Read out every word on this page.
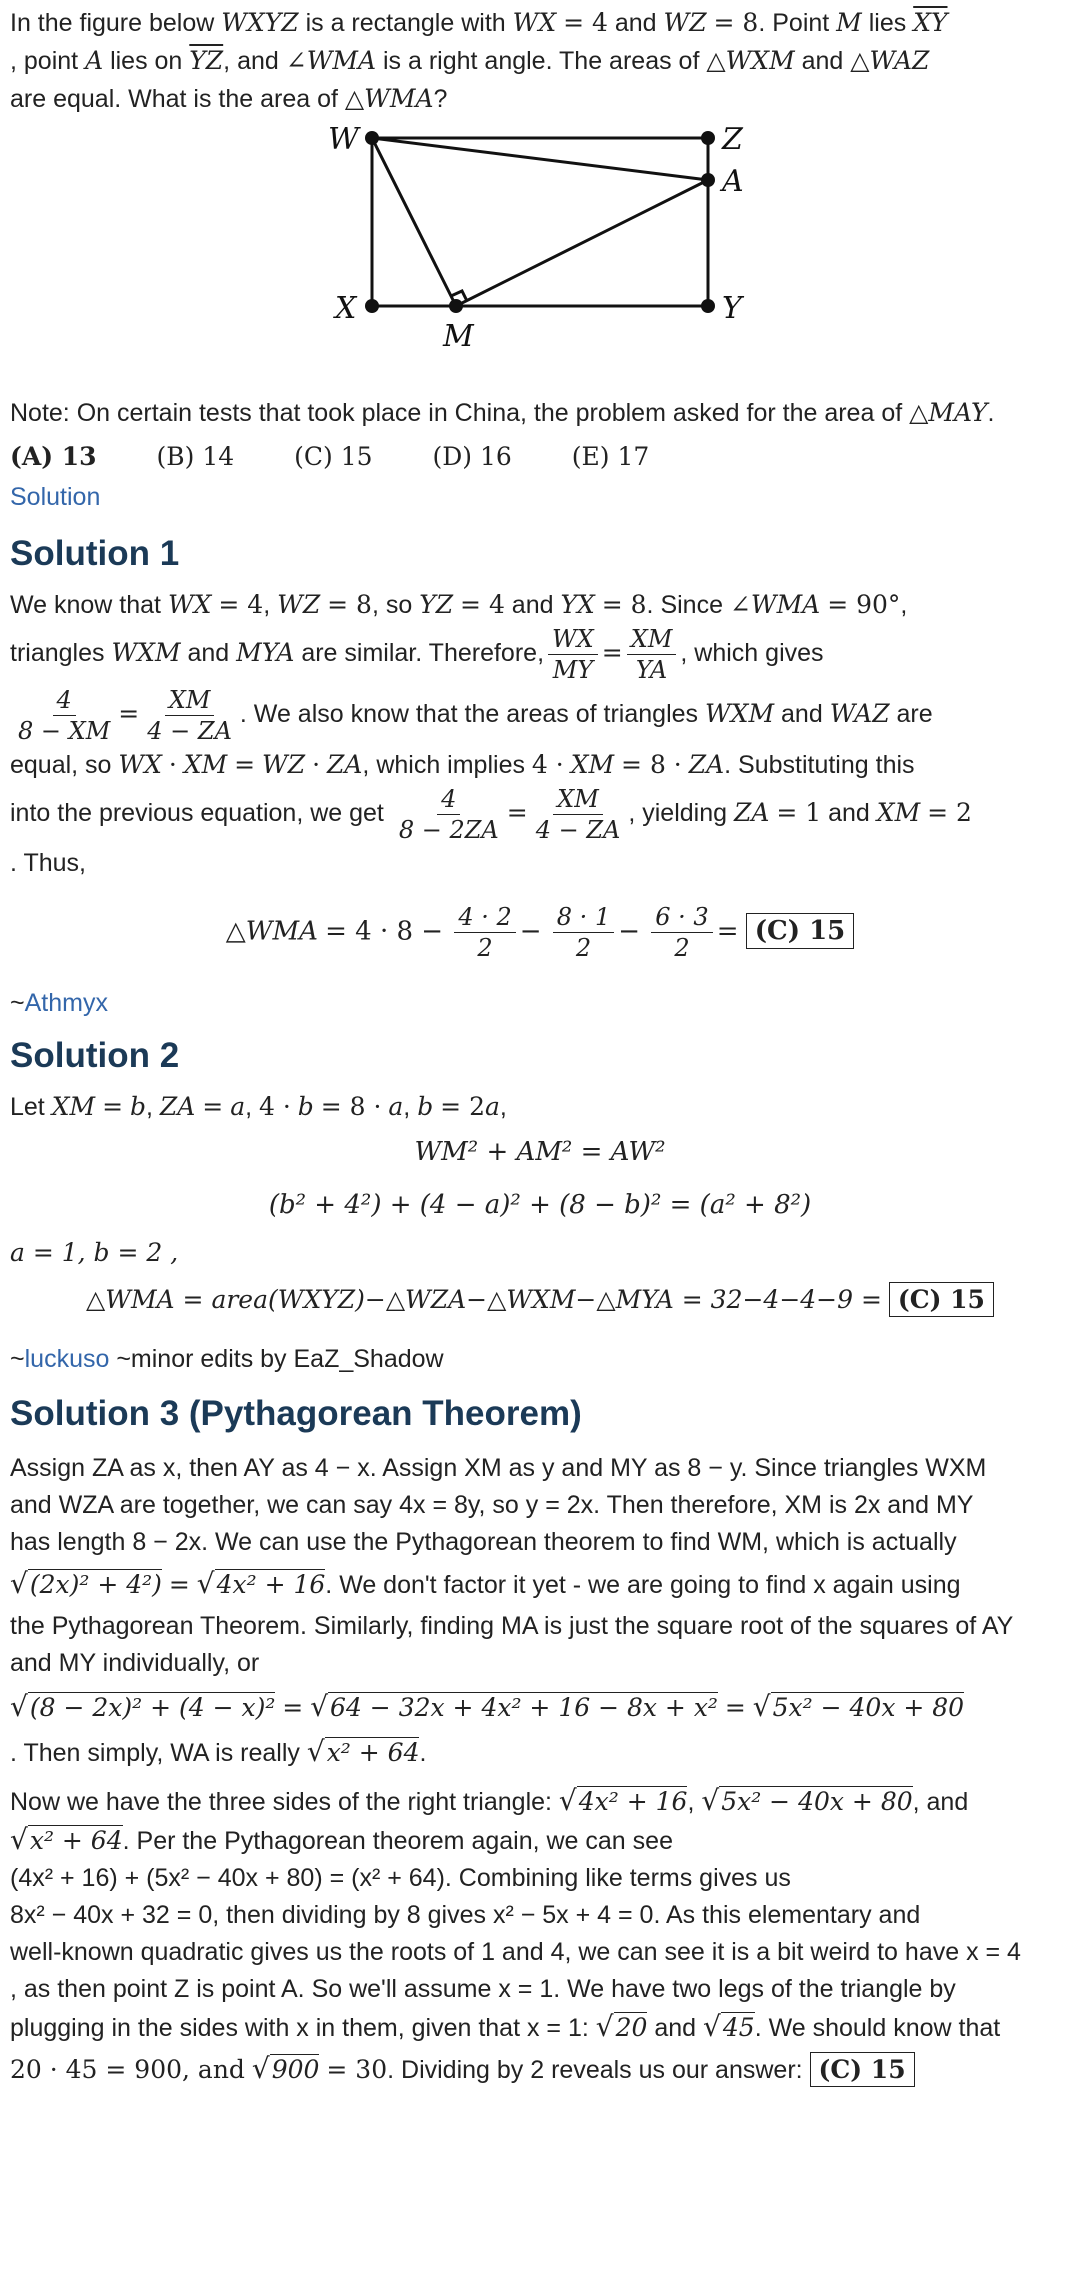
In the figure below WXYZ is a rectangle with WX = 4 and WZ = 8. Point M lies $\overline{XY}$

, point A lies on $\overline{YZ}$, and ∠WMA is a right angle. The areas of △WXM and △WAZ

are equal. What is the area of △WMA?

W	Z
A
X
M
Y

Note: On certain tests that took place in China, the problem asked for the area of △MAY.

(A) 13 (B) 14 (C) 15 (D) 16 (E) 17

Solution

Solution 1

We know that WX = 4, WZ = 8, so YZ = 4 and YX = 8. Since ∠WMA = 90°,

triangles WXM and MYA are similar. Therefore, $\frac{WX}{MY} = \frac{XM}{YA}$ , which gives

$\frac{4}{8 - XM} = \frac{XM}{4 - ZA}$ . We also know that the areas of triangles WXM and WAZ are

equal, so WX · XM = WZ · ZA, which implies 4 · XM = 8 · ZA. Substituting this

into the previous equation, we get $\frac{4}{8 - 2ZA} = \frac{XM}{4 - ZA}$ , yielding ZA = 1 and XM = 2

. Thus,

△WMA = $4 \cdot 8 - \frac{4 \cdot 2}{2} - \frac{8 \cdot 1}{2} - \frac{6 \cdot 3}{2} = (C)$ 15

~Athmyx

Solution 2

Let XM = b, ZA = a, 4 · b = 8 · a, b = 2a,

WM² + AM² = AW²

(b² + 4²) + (4 − a)² + (8 − b)² = (a² + 8²)

a = 1, b = 2 ,

△WMA = area(WXYZ)−△WZA−△WXM−△MYA = 32−4−4−9 = (C) 15

~luckuso ~minor edits by EaZ_Shadow

Solution 3 (Pythagorean Theorem)

Assign ZA as x, then AY as 4 − x. Assign XM as y and MY as 8 − y. Since triangles WXM

and WZA are together, we can say 4x = 8y, so y = 2x. Then therefore, XM is 2x and MY

has length 8 − 2x. We can use the Pythagorean theorem to find WM, which is actually

√(2x)² + 4²) = √4x² + 16. We don't factor it yet - we are going to find x again using

the Pythagorean Theorem. Similarly, finding MA is just the square root of the squares of AY

and MY individually, or

√(8 − 2x)² + (4 − x)² = √64 − 32x + 4x² + 16 − 8x + x² = √5x² − 40x + 80

. Then simply, WA is really √x² + 64.

Now we have the three sides of the right triangle: √4x² + 16, √5x² − 40x + 80, and

√x² + 64. Per the Pythagorean theorem again, we can see

(4x² + 16) + (5x² − 40x + 80) = (x² + 64). Combining like terms gives us

8x² − 40x + 32 = 0, then dividing by 8 gives x² − 5x + 4 = 0. As this elementary and

well-known quadratic gives us the roots of 1 and 4, we can see it is a bit weird to have x = 4

, as then point Z is point A. So we'll assume x = 1. We have two legs of the triangle by

plugging in the sides with x in them, given that x = 1: √20 and √45. We should know that

20 · 45 = 900, and √900 = 30. Dividing by 2 reveals us our answer: (C) 15
